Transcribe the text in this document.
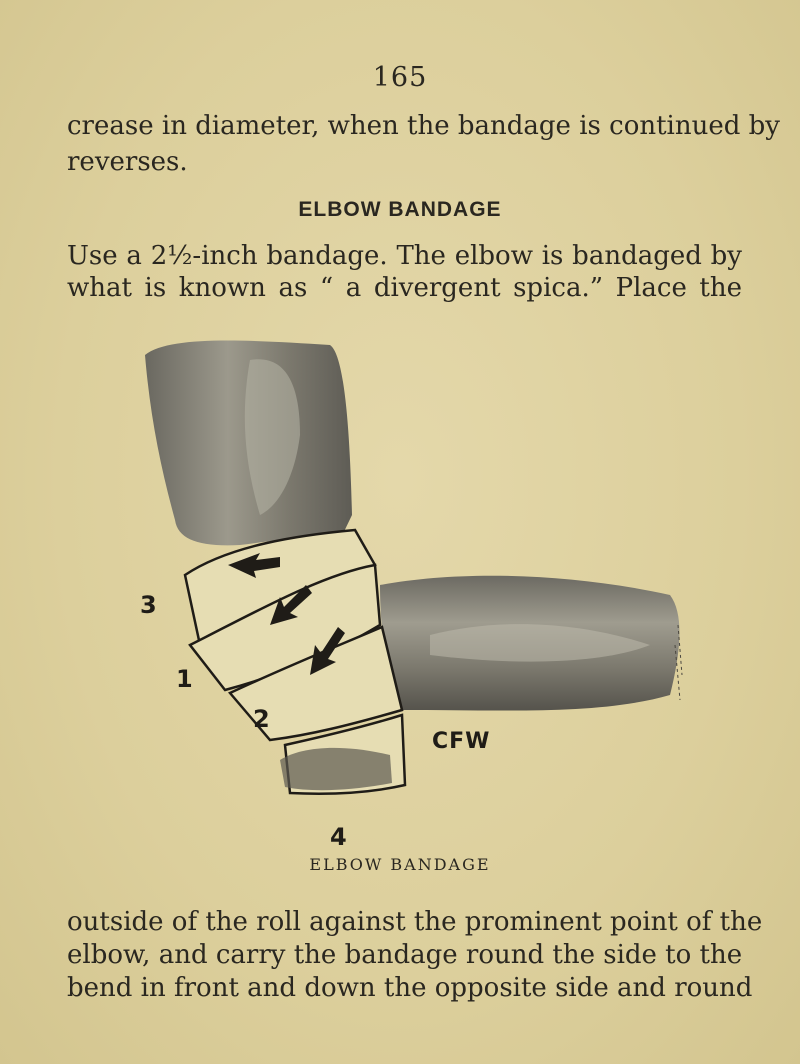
165
crease in diameter, when the bandage is continued by
reverses.
ELBOW BANDAGE
Use a 2½-inch bandage. The elbow is bandaged by
what is known as “ a divergent spica.” Place the
3
1
2
4
CFW
ELBOW BANDAGE
outside of the roll against the prominent point of the
elbow, and carry the bandage round the side to the
bend in front and down the opposite side and round
